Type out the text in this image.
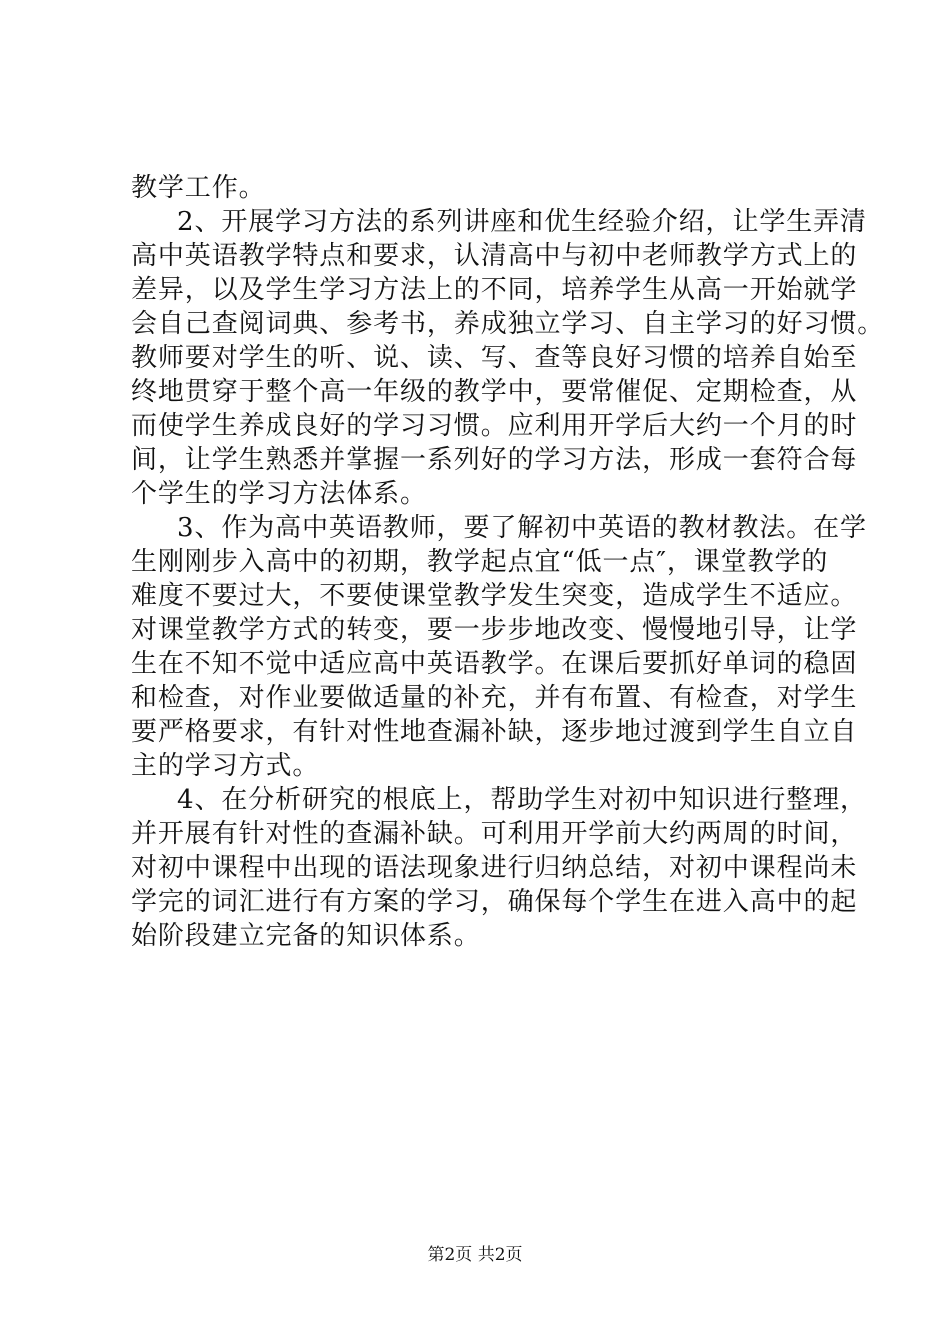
教学工作。
2、开展学习方法的系列讲座和优生经验介绍，让学生弄清
高中英语教学特点和要求，认清高中与初中老师教学方式上的
差异，以及学生学习方法上的不同，培养学生从高一开始就学
会自己查阅词典、参考书，养成独立学习、自主学习的好习惯。
教师要对学生的听、说、读、写、查等良好习惯的培养自始至
终地贯穿于整个高一年级的教学中，要常催促、定期检查，从
而使学生养成良好的学习习惯。应利用开学后大约一个月的时
间，让学生熟悉并掌握一系列好的学习方法，形成一套符合每
个学生的学习方法体系。
3、作为高中英语教师，要了解初中英语的教材教法。在学
生刚刚步入高中的初期，教学起点宜“低一点″，课堂教学的
难度不要过大，不要使课堂教学发生突变，造成学生不适应。
对课堂教学方式的转变，要一步步地改变、慢慢地引导，让学
生在不知不觉中适应高中英语教学。在课后要抓好单词的稳固
和检查，对作业要做适量的补充，并有布置、有检查，对学生
要严格要求，有针对性地查漏补缺，逐步地过渡到学生自立自
主的学习方式。
4、在分析研究的根底上，帮助学生对初中知识进行整理，
并开展有针对性的查漏补缺。可利用开学前大约两周的时间，
对初中课程中出现的语法现象进行归纳总结，对初中课程尚未
学完的词汇进行有方案的学习，确保每个学生在进入高中的起
始阶段建立完备的知识体系。
第2页 共2页
